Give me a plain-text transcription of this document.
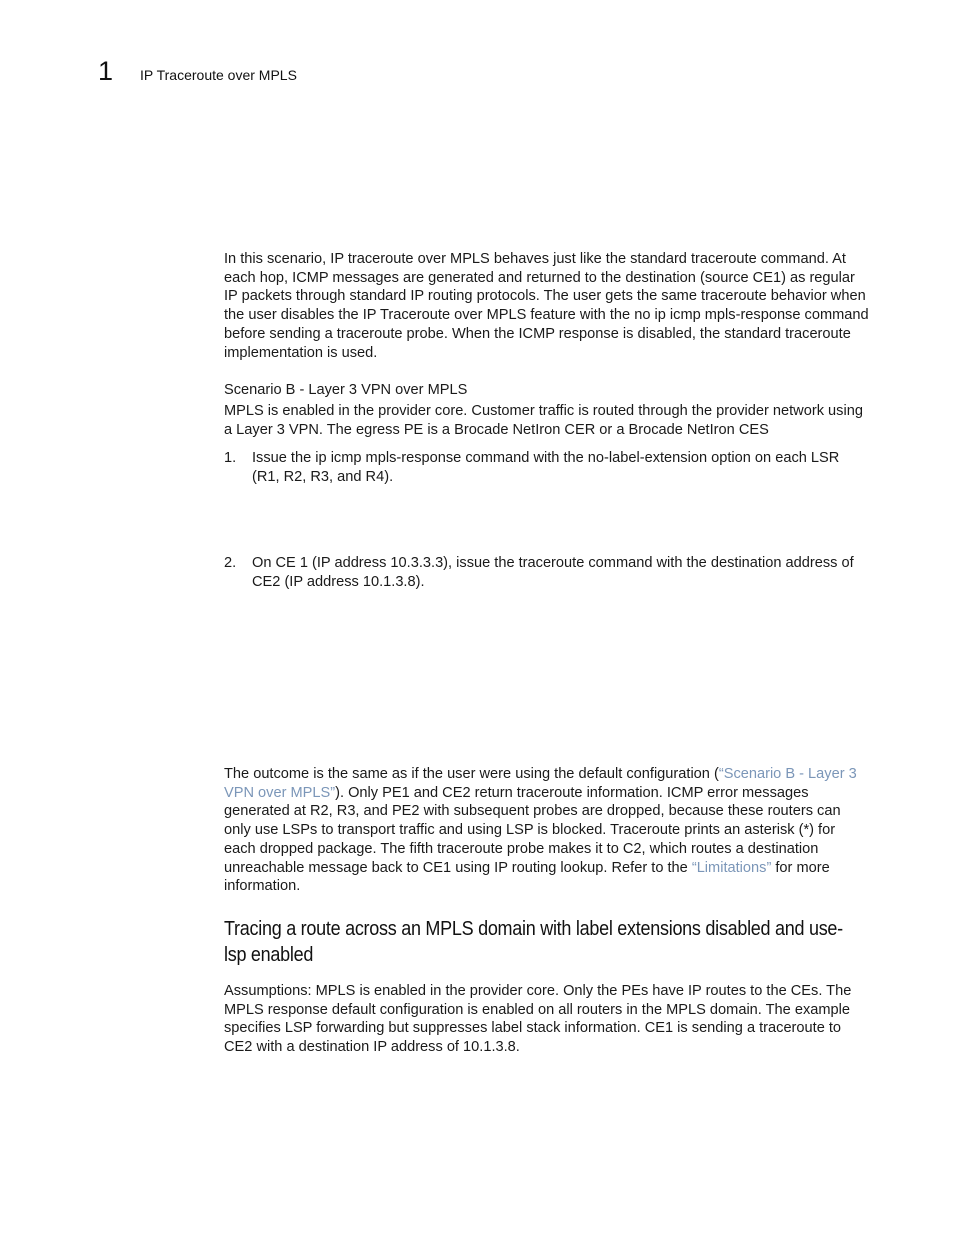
1 IP Traceroute over MPLS

In this scenario, IP traceroute over MPLS behaves just like the standard traceroute command. At each hop, ICMP messages are generated and returned to the destination (source CE1) as regular IP packets through standard IP routing protocols. The user gets the same traceroute behavior when the user disables the IP Traceroute over MPLS feature with the no ip icmp mpls-response command before sending a traceroute probe. When the ICMP response is disabled, the standard traceroute implementation is used.

Scenario B - Layer 3 VPN over MPLS

MPLS is enabled in the provider core. Customer traffic is routed through the provider network using a Layer 3 VPN. The egress PE is a Brocade NetIron CER or a Brocade NetIron CES

1.	Issue the ip icmp mpls-response command with the no-label-extension option on each LSR (R1, R2, R3, and R4).
2.	On CE 1 (IP address 10.3.3.3), issue the traceroute command with the destination address of CE2 (IP address 10.1.3.8).

The outcome is the same as if the user were using the default configuration (“Scenario B - Layer 3 VPN over MPLS”). Only PE1 and CE2 return traceroute information. ICMP error messages generated at R2, R3, and PE2 with subsequent probes are dropped, because these routers can only use LSPs to transport traffic and using LSP is blocked. Traceroute prints an asterisk (*) for each dropped package. The fifth traceroute probe makes it to C2, which routes a destination unreachable message back to CE1 using IP routing lookup. Refer to the “Limitations” for more information.

Tracing a route across an MPLS domain with label extensions disabled and use-lsp enabled

Assumptions: MPLS is enabled in the provider core. Only the PEs have IP routes to the CEs. The MPLS response default configuration is enabled on all routers in the MPLS domain. The example specifies LSP forwarding but suppresses label stack information. CE1 is sending a traceroute to CE2 with a destination IP address of 10.1.3.8.
